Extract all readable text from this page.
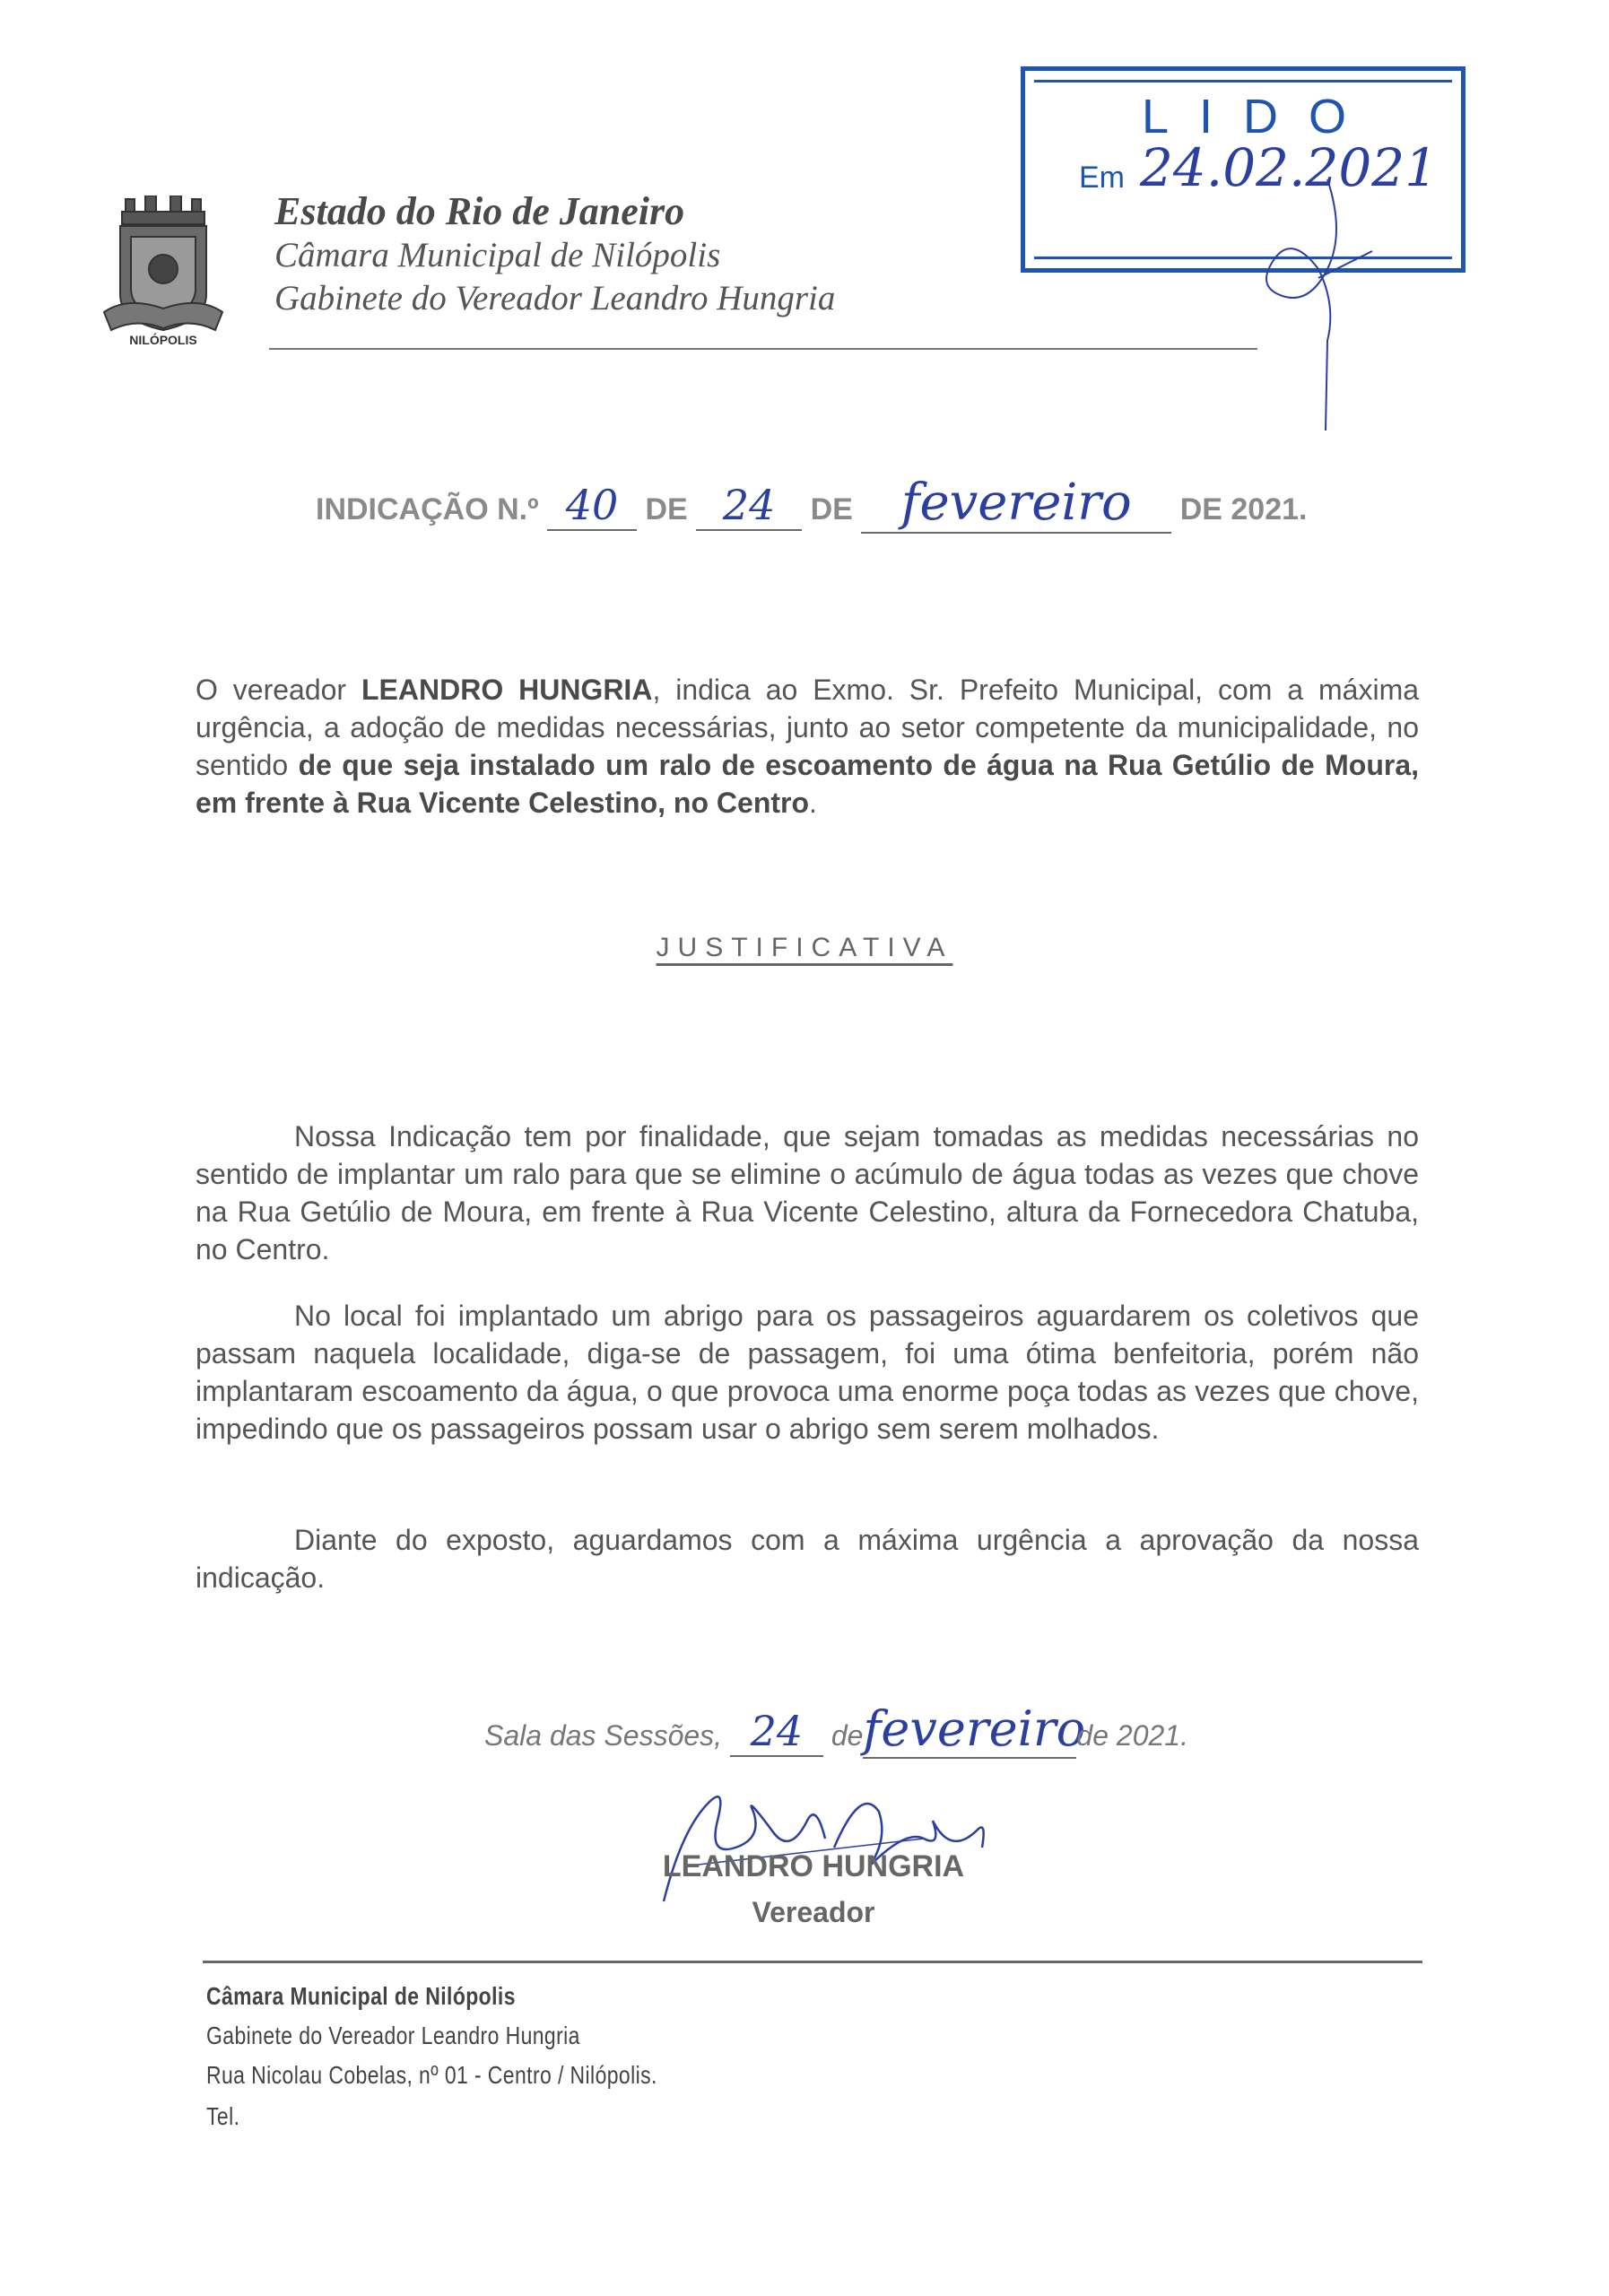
NILÓPOLIS
Estado do Rio de Janeiro
Câmara Municipal de Nilópolis
Gabinete do Vereador Leandro Hungria
LIDO
Em 24.02.2021
INDICAÇÃO N.º 40 DE 24 DE fevereiro DE 2021.
O vereador LEANDRO HUNGRIA, indica ao Exmo. Sr. Prefeito Municipal, com a máxima urgência, a adoção de medidas necessárias, junto ao setor competente da municipalidade, no sentido de que seja instalado um ralo de escoamento de água na Rua Getúlio de Moura, em frente à Rua Vicente Celestino, no Centro.
JUSTIFICATIVA
Nossa Indicação tem por finalidade, que sejam tomadas as medidas necessárias no sentido de implantar um ralo para que se elimine o acúmulo de água todas as vezes que chove na Rua Getúlio de Moura, em frente à Rua Vicente Celestino, altura da Fornecedora Chatuba, no Centro.
No local foi implantado um abrigo para os passageiros aguardarem os coletivos que passam naquela localidade, diga-se de passagem, foi uma ótima benfeitoria, porém não implantaram escoamento da água, o que provoca uma enorme poça todas as vezes que chove, impedindo que os passageiros possam usar o abrigo sem serem molhados.
Diante do exposto, aguardamos com a máxima urgência a aprovação da nossa indicação.
Sala das Sessões, 24 defevereirode 2021.
LEANDRO HUNGRIA
Vereador
Câmara Municipal de Nilópolis
Gabinete do Vereador Leandro Hungria
Rua Nicolau Cobelas, nº 01 - Centro / Nilópolis.
Tel.
